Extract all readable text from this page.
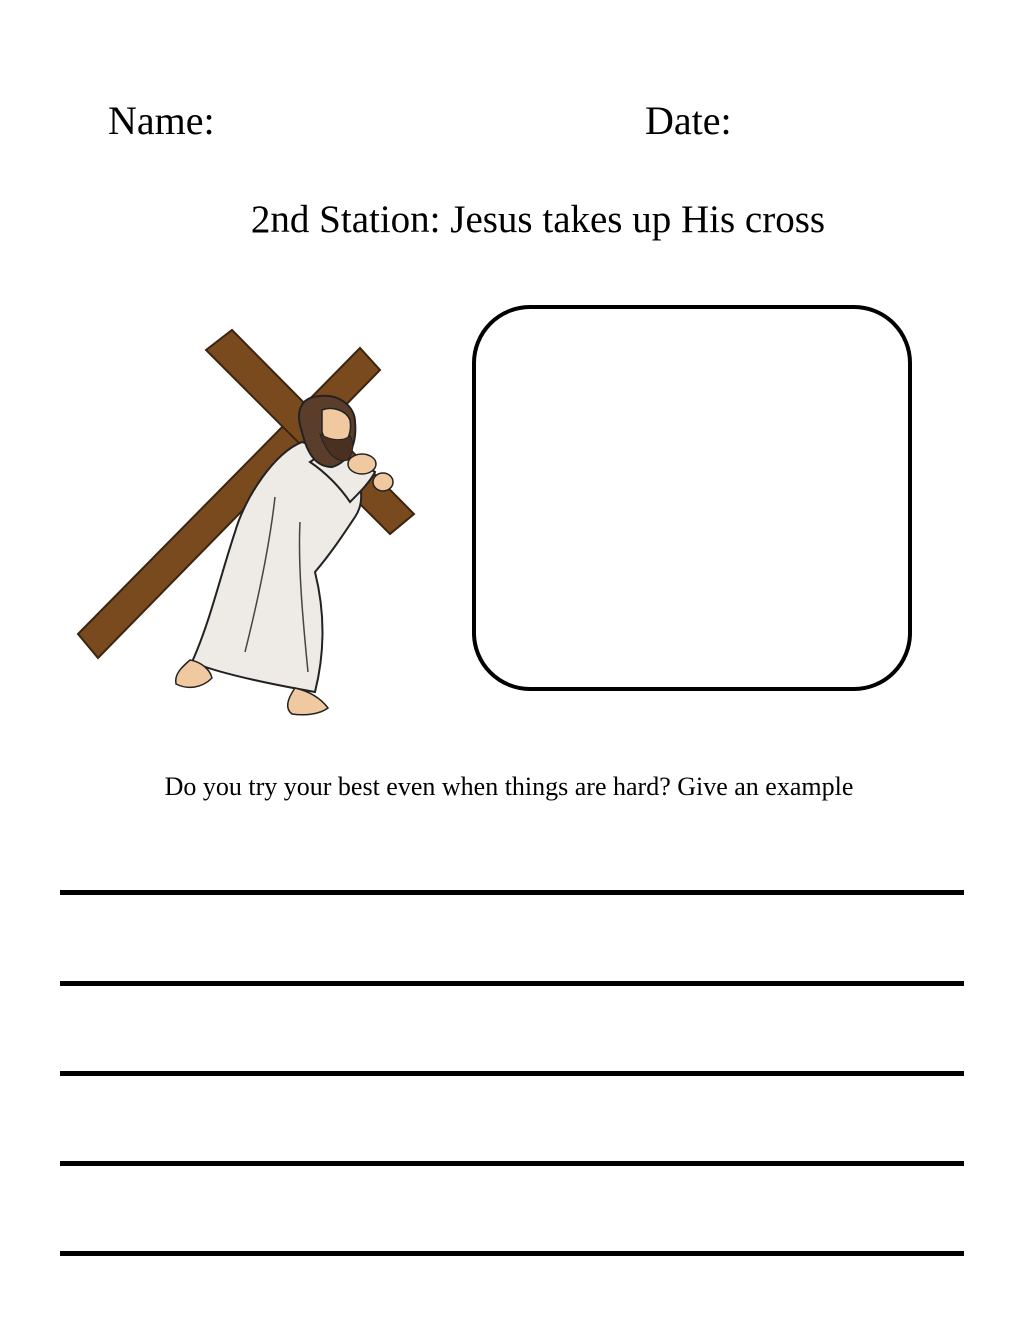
Name:	Date:
2nd Station: Jesus takes up His cross
Do you try your best even when things are hard? Give an example
